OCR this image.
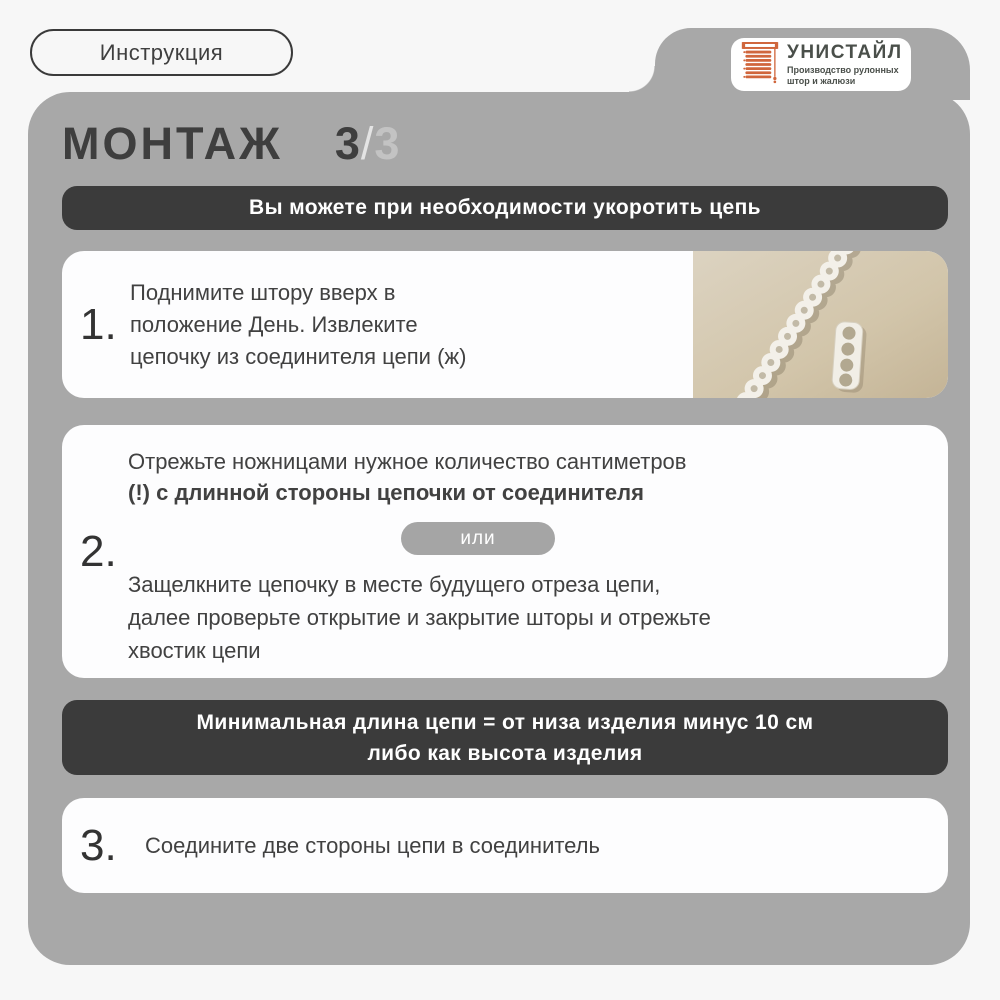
Инструкция	УНИСТАЙЛ
Производство рулонных
штор и жалюзи
МОНТАЖ 3/3
Вы можете при необходимости укоротить цепь
1.
Поднимите штору вверх в
положение День. Извлеките
цепочку из соединителя цепи (ж)
2.
Отрежьте ножницами нужное количество сантиметров
(!) с длинной стороны цепочки от соединителя
или
Защелкните цепочку в месте будущего отреза цепи,
далее проверьте открытие и закрытие шторы и отрежьте
хвостик цепи
Минимальная длина цепи = от низа изделия минус 10 см
либо как высота изделия
3. Соедините две стороны цепи в соединитель
